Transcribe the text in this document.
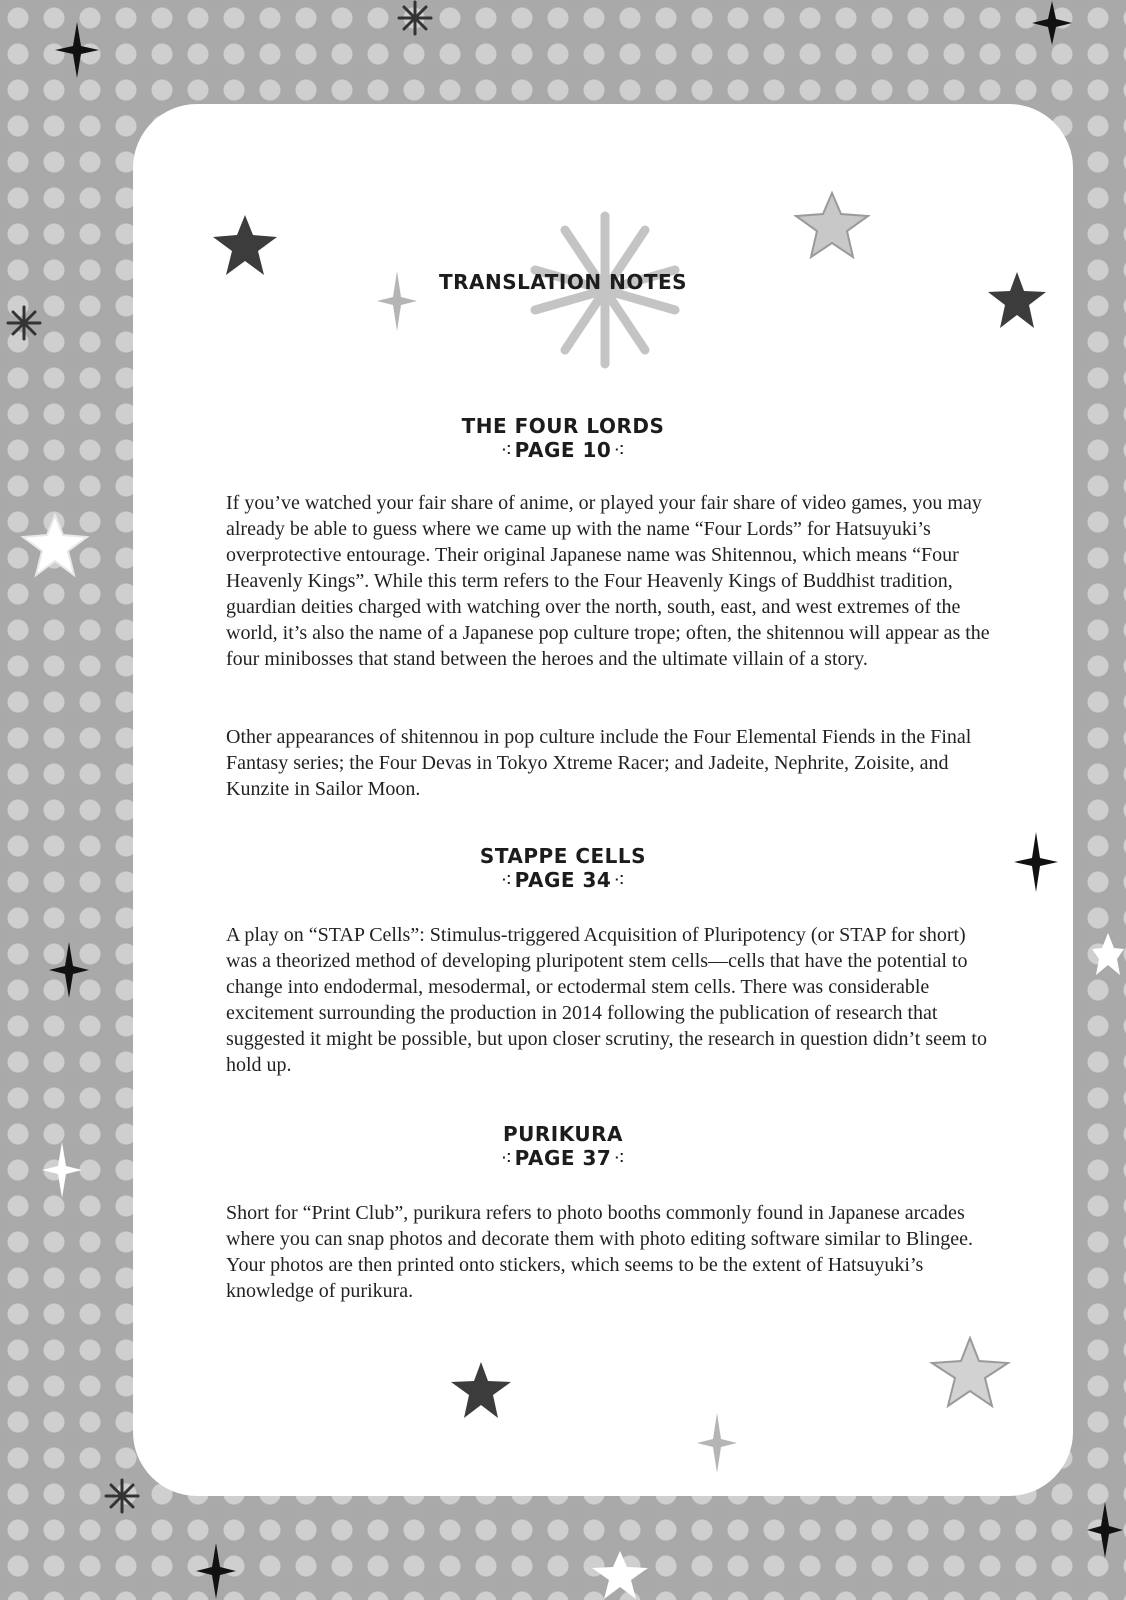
TRANSLATION NOTES
THE FOUR LORDS
⁖ PAGE 10 ⁖

If you’ve watched your fair share of anime, or played your fair share of video games, you may already be able to guess where we came up with the name “Four Lords” for Hatsuyuki’s overprotective entourage. Their original Japanese name was Shitennou, which means “Four Heavenly Kings”. While this term refers to the Four Heavenly Kings of Buddhist tradition, guardian deities charged with watching over the north, south, east, and west extremes of the world, it’s also the name of a Japanese pop culture trope; often, the shitennou will appear as the four minibosses that stand between the heroes and the ultimate villain of a story.

Other appearances of shitennou in pop culture include the Four Elemental Fiends in the Final Fantasy series; the Four Devas in Tokyo Xtreme Racer; and Jadeite, Nephrite, Zoisite, and Kunzite in Sailor Moon.

STAPPE CELLS
⁖ PAGE 34 ⁖

A play on “STAP Cells”: Stimulus-triggered Acquisition of Pluripotency (or STAP for short) was a theorized method of developing pluripotent stem cells—cells that have the potential to change into endodermal, mesodermal, or ectodermal stem cells. There was considerable excitement surrounding the production in 2014 following the publication of research that suggested it might be possible, but upon closer scrutiny, the research in question didn’t seem to hold up.

PURIKURA
⁖ PAGE 37 ⁖

Short for “Print Club”, purikura refers to photo booths commonly found in Japanese arcades where you can snap photos and decorate them with photo editing software similar to Blingee. Your photos are then printed onto stickers, which seems to be the extent of Hatsuyuki’s knowledge of purikura.
